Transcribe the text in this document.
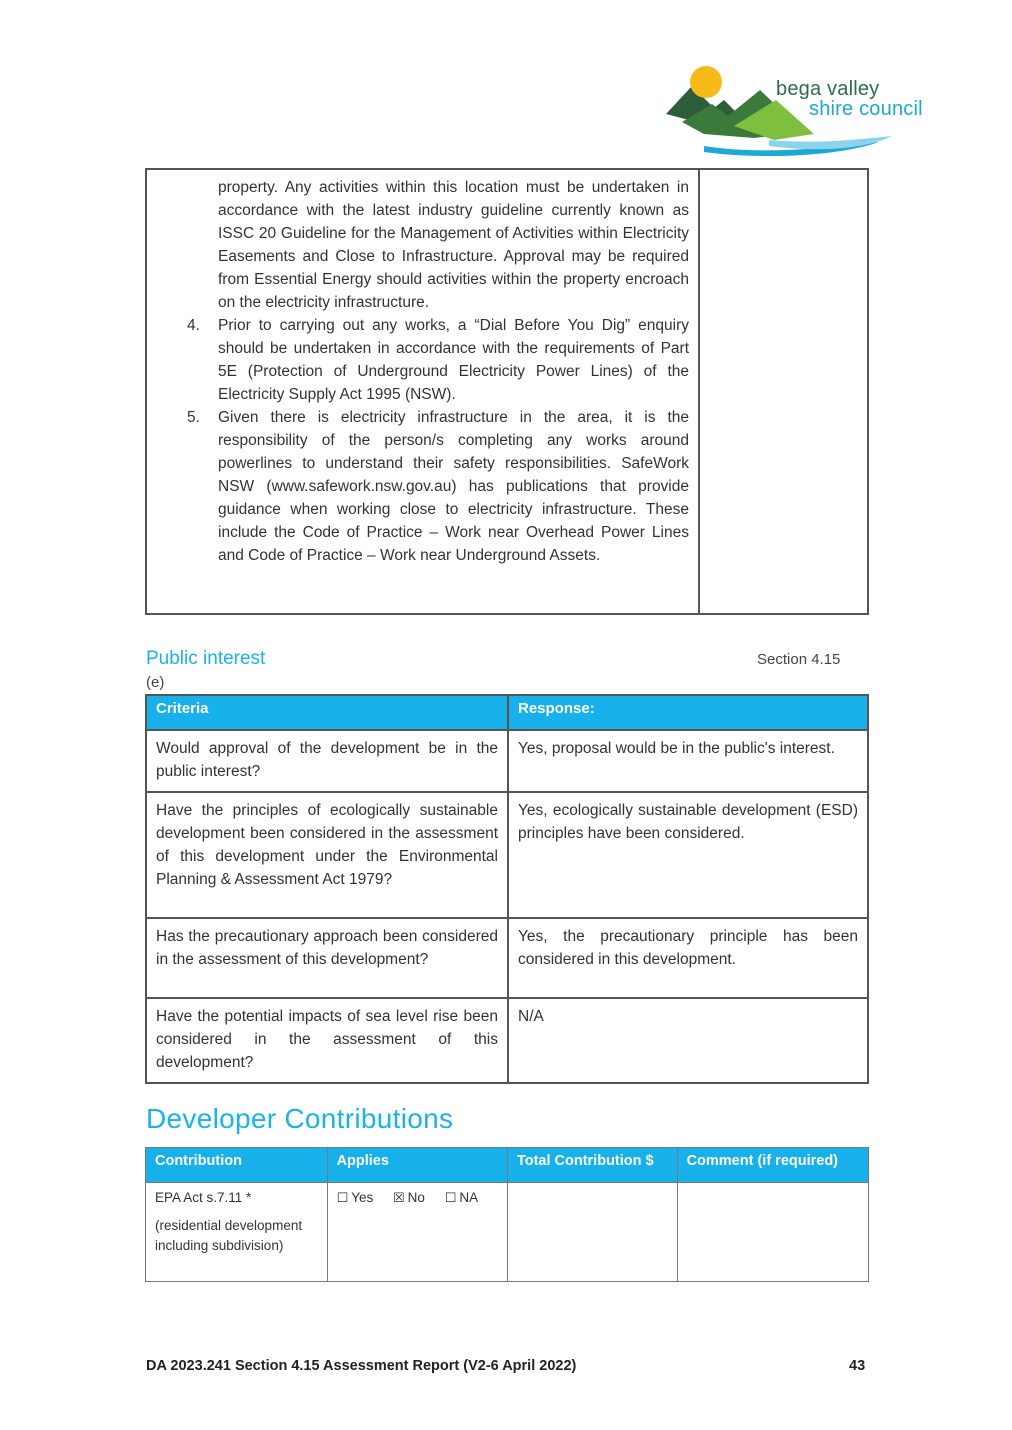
bega valley
shire council
property. Any activities within this location must be undertaken in accordance with the latest industry guideline currently known as ISSC 20 Guideline for the Management of Activities within Electricity Easements and Close to Infrastructure. Approval may be required from Essential Energy should activities within the property encroach on the electricity infrastructure.
4. Prior to carrying out any works, a “Dial Before You Dig” enquiry should be undertaken in accordance with the requirements of Part 5E (Protection of Underground Electricity Power Lines) of the Electricity Supply Act 1995 (NSW).
5. Given there is electricity infrastructure in the area, it is the responsibility of the person/s completing any works around powerlines to understand their safety responsibilities. SafeWork NSW (www.safework.nsw.gov.au) has publications that provide guidance when working close to electricity infrastructure. These include the Code of Practice – Work near Overhead Power Lines and Code of Practice – Work near Underground Assets.

Public interest	Section 4.15
(e)
Criteria	Response:
Would approval of the development be in the public interest?	Yes, proposal would be in the public's interest.
Have the principles of ecologically sustainable development been considered in the assessment of this development under the Environmental Planning & Assessment Act 1979?	Yes, ecologically sustainable development (ESD) principles have been considered.
Has the precautionary approach been considered in the assessment of this development?	Yes, the precautionary principle has been considered in this development.
Have the potential impacts of sea level rise been considered in the assessment of this development?	N/A
Developer Contributions
Contribution	Applies	Total Contribution $	Comment (if required)

EPA Act s.7.11 *
(residential development including subdivision)	☐ Yes ☒ No ☐ NA		
DA 2023.241 Section 4.15 Assessment Report (V2-6 April 2022)	43
